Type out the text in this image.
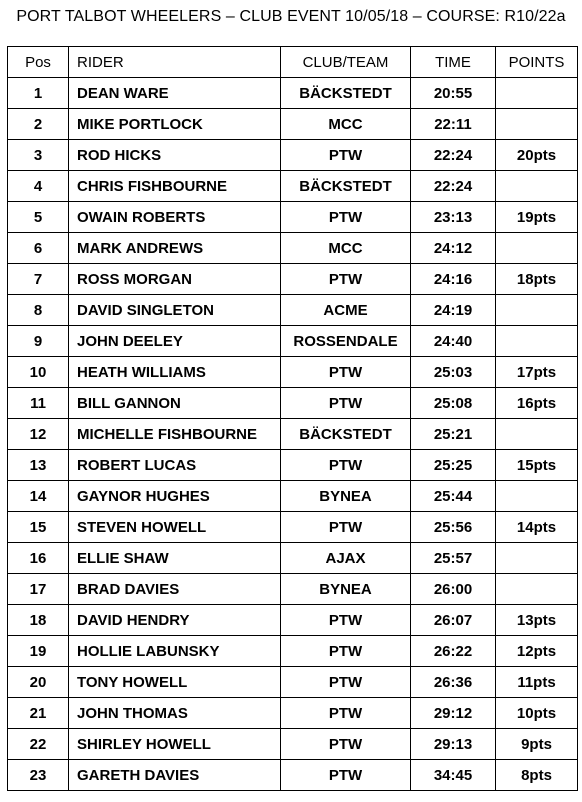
PORT TALBOT WHEELERS – CLUB EVENT 10/05/18 – COURSE: R10/22a
Pos	RIDER	CLUB/TEAM	TIME	POINTS
1	DEAN WARE	BÄCKSTEDT	20:55	
2	MIKE PORTLOCK	MCC	22:11	
3	ROD HICKS	PTW	22:24	20pts
4	CHRIS FISHBOURNE	BÄCKSTEDT	22:24	
5	OWAIN ROBERTS	PTW	23:13	19pts
6	MARK ANDREWS	MCC	24:12	
7	ROSS MORGAN	PTW	24:16	18pts
8	DAVID SINGLETON	ACME	24:19	
9	JOHN DEELEY	ROSSENDALE	24:40	
10	HEATH WILLIAMS	PTW	25:03	17pts
11	BILL GANNON	PTW	25:08	16pts
12	MICHELLE FISHBOURNE	BÄCKSTEDT	25:21	
13	ROBERT LUCAS	PTW	25:25	15pts
14	GAYNOR HUGHES	BYNEA	25:44	
15	STEVEN HOWELL	PTW	25:56	14pts
16	ELLIE SHAW	AJAX	25:57	
17	BRAD DAVIES	BYNEA	26:00	
18	DAVID HENDRY	PTW	26:07	13pts
19	HOLLIE LABUNSKY	PTW	26:22	12pts
20	TONY HOWELL	PTW	26:36	11pts
21	JOHN THOMAS	PTW	29:12	10pts
22	SHIRLEY HOWELL	PTW	29:13	9pts
23	GARETH DAVIES	PTW	34:45	8pts
